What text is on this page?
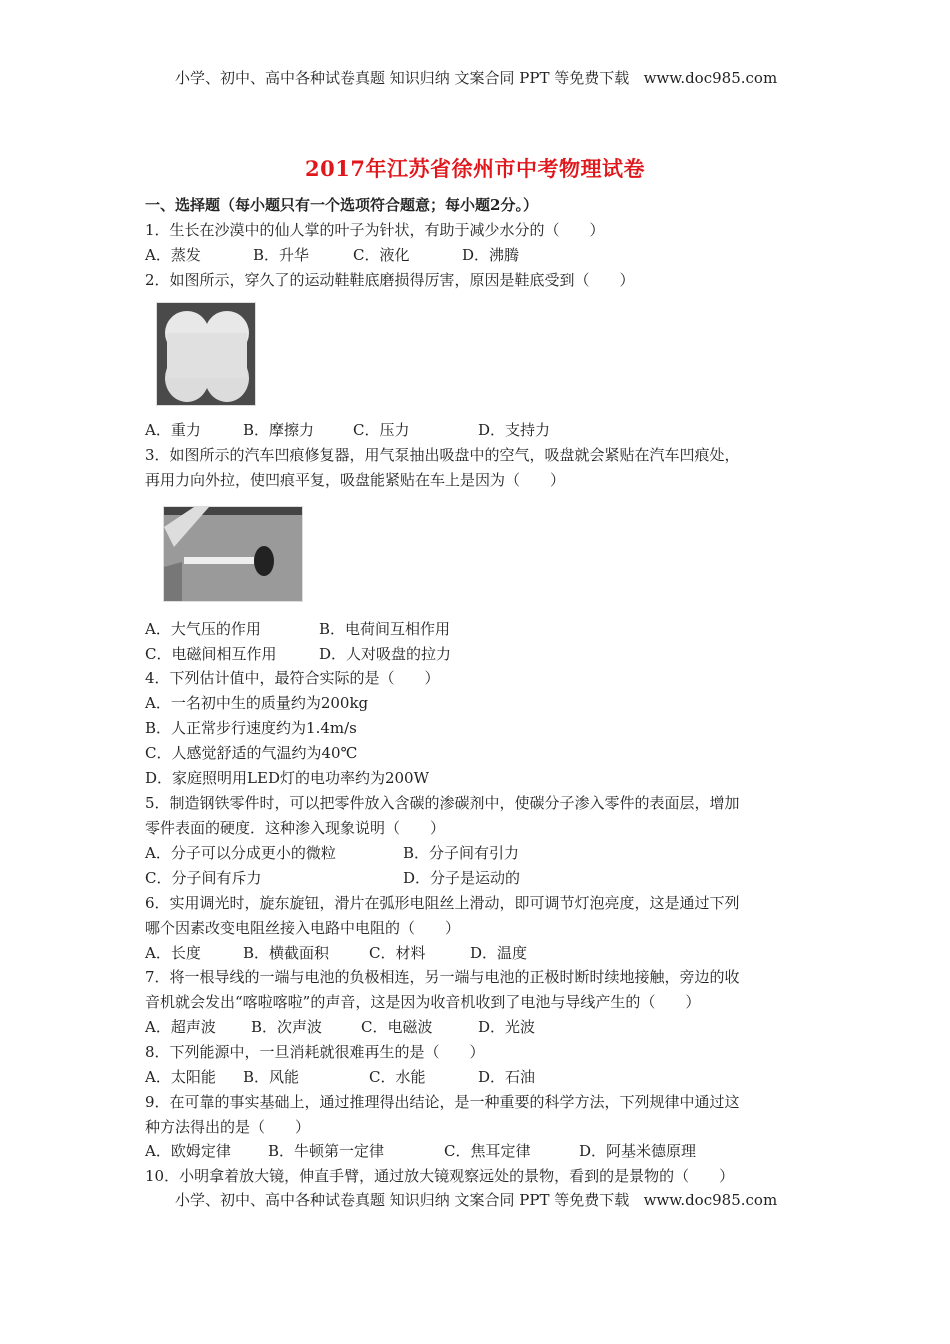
小学、初中、高中各种试卷真题 知识归纳 文案合同 PPT 等免费下载 www.doc985.com
2017年江苏省徐州市中考物理试卷
一、选择题（每小题只有一个选项符合题意；每小题2分。）
1．生长在沙漠中的仙人掌的叶子为针状，有助于减少水分的（　　）
A．蒸发	B．升华	C．液化	D．沸腾
2．如图所示，穿久了的运动鞋鞋底磨损得厉害，原因是鞋底受到（　　）
A．重力	B．摩擦力	C．压力	D．支持力
3．如图所示的汽车凹痕修复器，用气泵抽出吸盘中的空气，吸盘就会紧贴在汽车凹痕处，
再用力向外拉，使凹痕平复，吸盘能紧贴在车上是因为（　　）
A．大气压的作用	B．电荷间互相作用
C．电磁间相互作用	D．人对吸盘的拉力
4．下列估计值中，最符合实际的是（　　）
A．一名初中生的质量约为200kg
B．人正常步行速度约为1.4m/s
C．人感觉舒适的气温约为40℃
D．家庭照明用LED灯的电功率约为200W
5．制造钢铁零件时，可以把零件放入含碳的渗碳剂中，使碳分子渗入零件的表面层，增加
零件表面的硬度．这种渗入现象说明（　　）
A．分子可以分成更小的微粒	B．分子间有引力
C．分子间有斥力	D．分子是运动的
6．实用调光时，旋东旋钮，滑片在弧形电阻丝上滑动，即可调节灯泡亮度，这是通过下列
哪个因素改变电阻丝接入电路中电阻的（　　）
A．长度	B．横截面积	C．材料	D．温度
7．将一根导线的一端与电池的负极相连，另一端与电池的正极时断时续地接触，旁边的收
音机就会发出“喀啦喀啦”的声音，这是因为收音机收到了电池与导线产生的（　　）
A．超声波 B．次声波	C．电磁波	D．光波
8．下列能源中，一旦消耗就很难再生的是（　　）
A．太阳能 B．风能	C．水能	D．石油
9．在可靠的事实基础上，通过推理得出结论，是一种重要的科学方法，下列规律中通过这
种方法得出的是（　　）
A．欧姆定律 B．牛顿第一定律	C．焦耳定律	D．阿基米德原理
10．小明拿着放大镜，伸直手臂，通过放大镜观察远处的景物，看到的是景物的（　　）
小学、初中、高中各种试卷真题 知识归纳 文案合同 PPT 等免费下载 www.doc985.com
